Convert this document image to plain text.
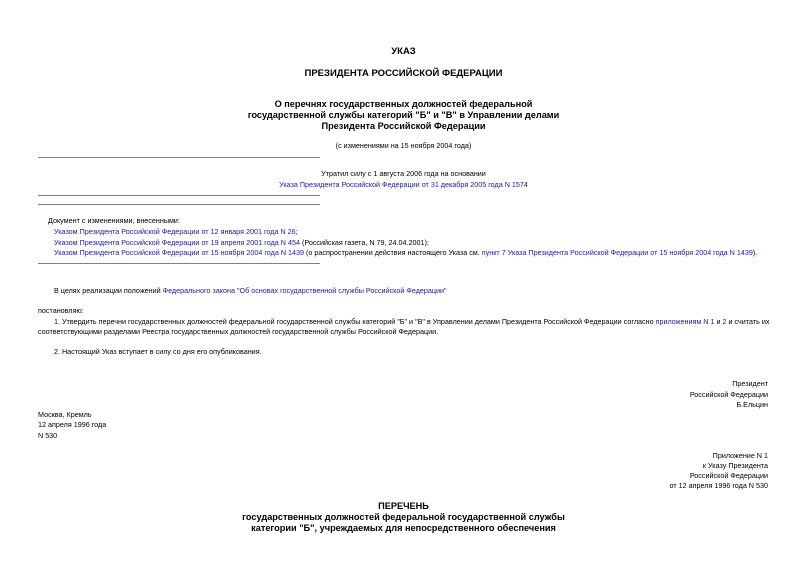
УКАЗ
ПРЕЗИДЕНТА РОССИЙСКОЙ ФЕДЕРАЦИИ
О перечнях государственных должностей федеральной
государственной службы категорий "Б" и "В" в Управлении делами
Президента Российской Федерации
(с изменениями на 15 ноября 2004 года)
Утратил силу с 1 августа 2006 года на основании
Указа Президента Российской Федерации от 31 декабря 2005 года N 1574
Документ с изменениями, внесенными:
Указом Президента Российской Федерации от 12 января 2001 года N 26;
Указом Президента Российской Федерации от 19 апреля 2001 года N 454 (Российская газета, N 79, 24.04.2001);
Указом Президента Российской Федерации от 15 ноября 2004 года N 1439 (о распространении действия настоящего Указа см. пункт 7 Указа Президента Российской Федерации от 15 ноября 2004 года N 1439).
В целях реализации положений Федерального закона "Об основах государственной службы Российской Федерации"
постановляю:
1. Утвердить перечни государственных должностей федеральной государственной службы категорий "Б" и "В" в Управлении делами Президента Российской Федерации согласно приложениям N 1 и 2 и считать их
соответствующими разделами Реестра государственных должностей государственной службы Российской Федерации.
2. Настоящий Указ вступает в силу со дня его опубликования.
Президент
Российской Федерации
Б.Ельцин
Москва, Кремль
12 апреля 1996 года
N 530
Приложение N 1
к Указу Президента
Российской Федерации
от 12 апреля 1996 года N 530
ПЕРЕЧЕНЬ
государственных должностей федеральной государственной службы
категории "Б", учреждаемых для непосредственного обеспечения
